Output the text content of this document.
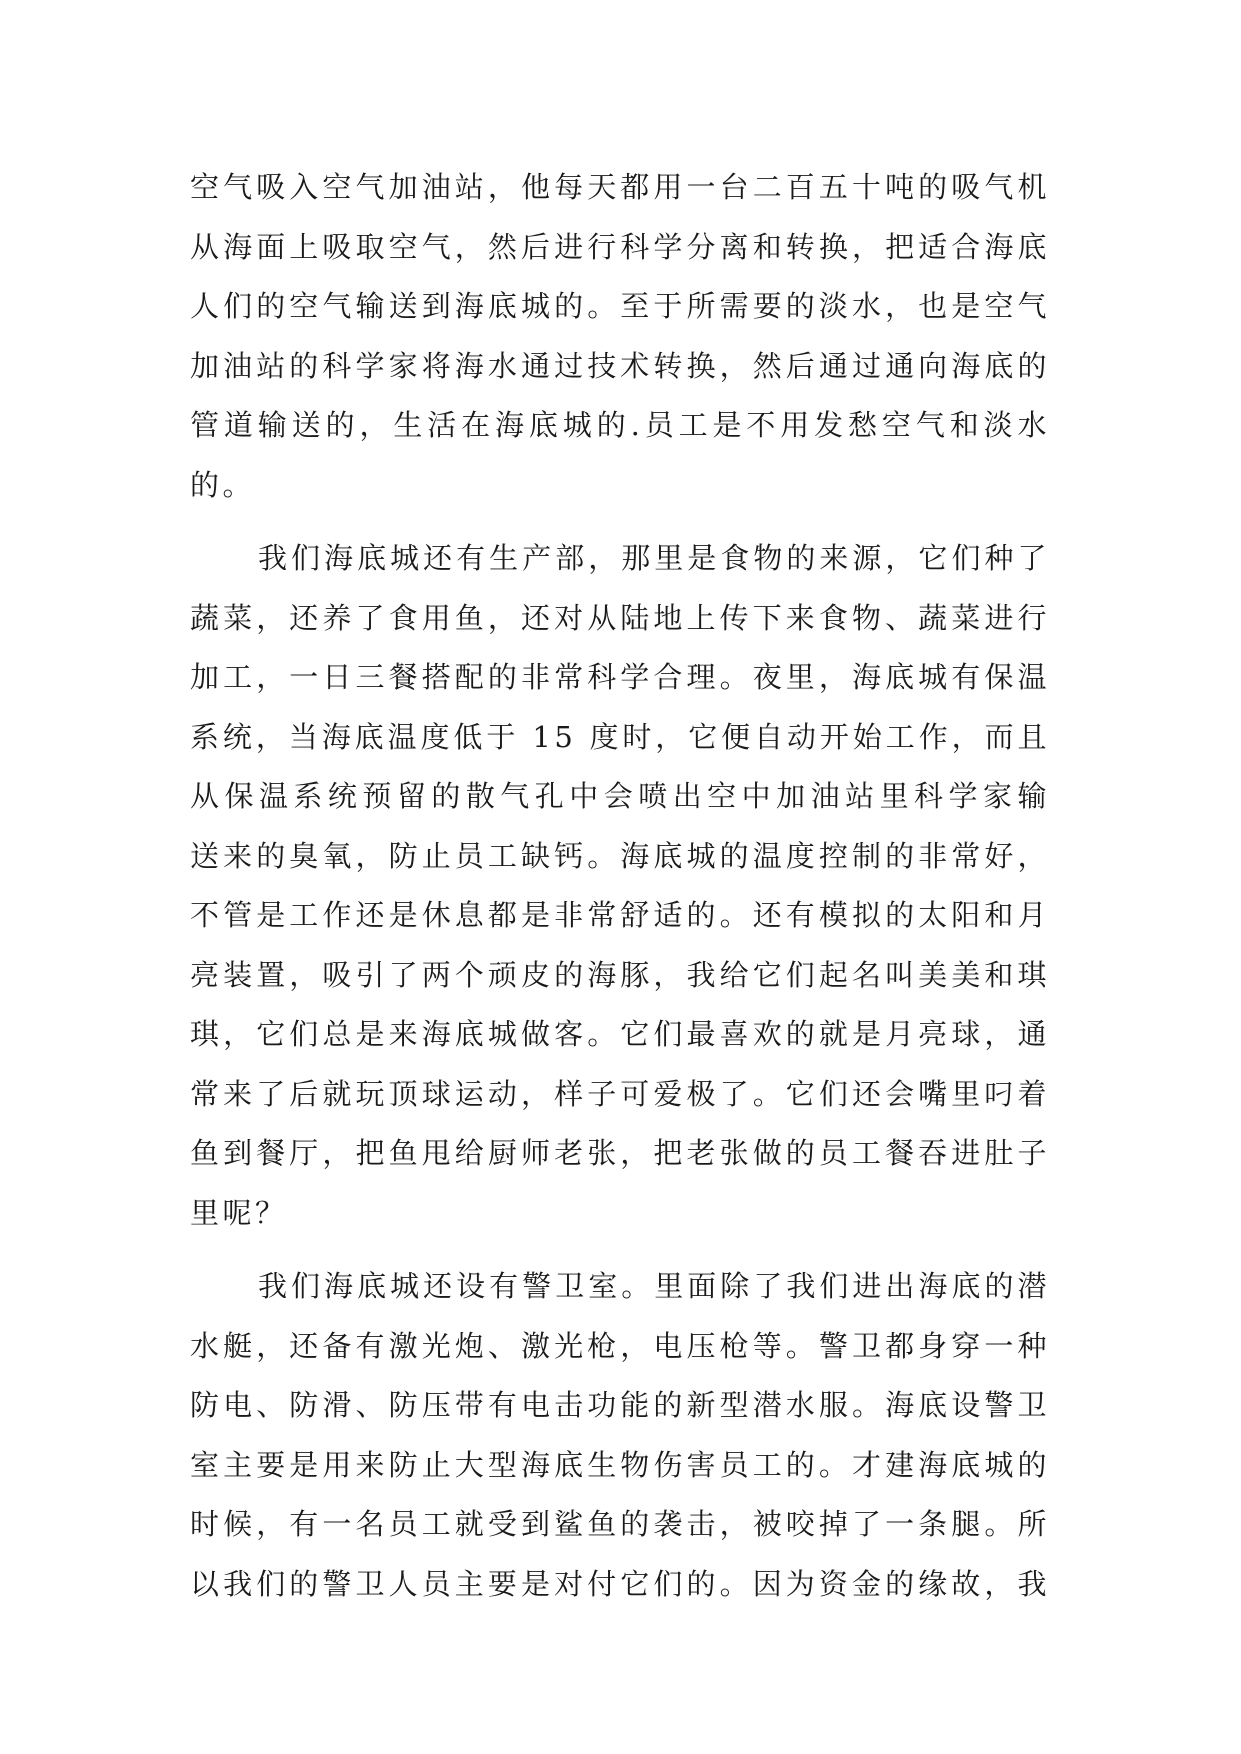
空气吸入空气加油站，他每天都用一台二百五十吨的吸气机
从海面上吸取空气，然后进行科学分离和转换，把适合海底
人们的空气输送到海底城的。至于所需要的淡水，也是空气
加油站的科学家将海水通过技术转换，然后通过通向海底的
管道输送的，生活在海底城的.员工是不用发愁空气和淡水
的。
我们海底城还有生产部，那里是食物的来源，它们种了
蔬菜，还养了食用鱼，还对从陆地上传下来食物、蔬菜进行
加工，一日三餐搭配的非常科学合理。夜里，海底城有保温
系统，当海底温度低于 15 度时，它便自动开始工作，而且
从保温系统预留的散气孔中会喷出空中加油站里科学家输
送来的臭氧，防止员工缺钙。海底城的温度控制的非常好，
不管是工作还是休息都是非常舒适的。还有模拟的太阳和月
亮装置，吸引了两个顽皮的海豚，我给它们起名叫美美和琪
琪，它们总是来海底城做客。它们最喜欢的就是月亮球，通
常来了后就玩顶球运动，样子可爱极了。它们还会嘴里叼着
鱼到餐厅，把鱼甩给厨师老张，把老张做的员工餐吞进肚子
里呢？
我们海底城还设有警卫室。里面除了我们进出海底的潜
水艇，还备有激光炮、激光枪，电压枪等。警卫都身穿一种
防电、防滑、防压带有电击功能的新型潜水服。海底设警卫
室主要是用来防止大型海底生物伤害员工的。才建海底城的
时候，有一名员工就受到鲨鱼的袭击，被咬掉了一条腿。所
以我们的警卫人员主要是对付它们的。因为资金的缘故，我
